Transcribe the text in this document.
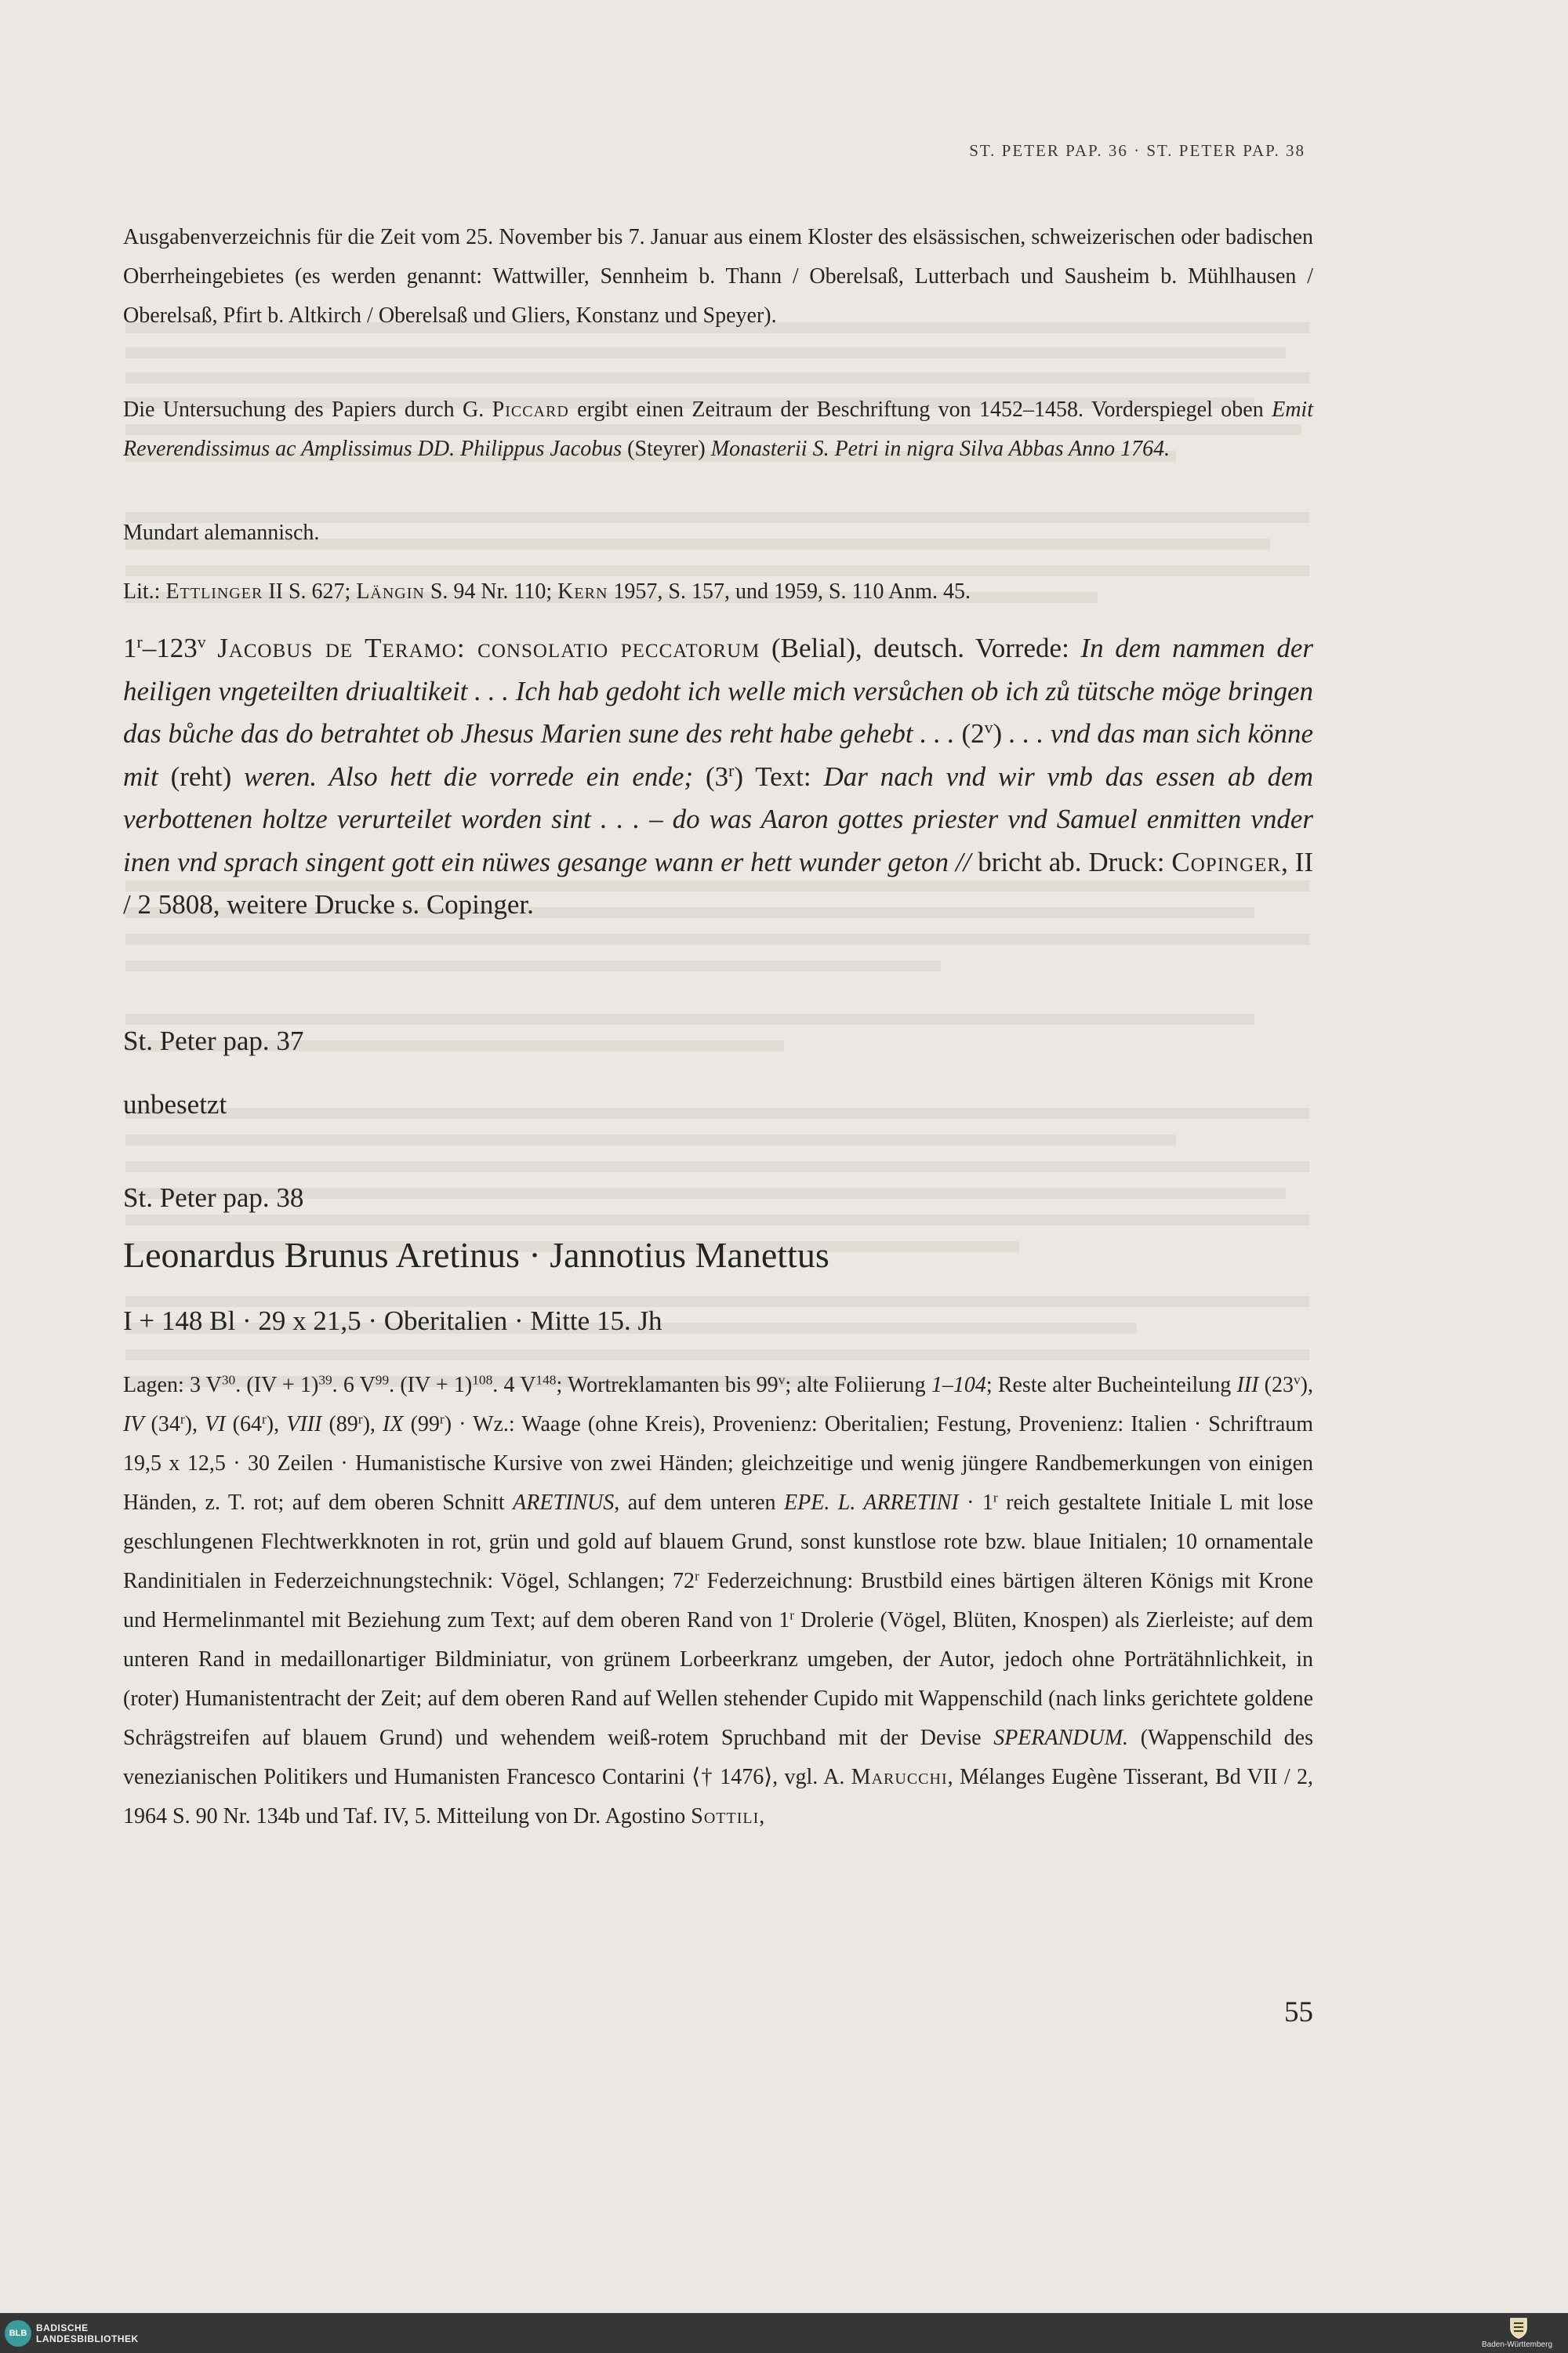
ST. PETER PAP. 36 · ST. PETER PAP. 38

Ausgabenverzeichnis für die Zeit vom 25. November bis 7. Januar aus einem Kloster des elsässischen, schweizerischen oder badischen Oberrheingebietes (es werden genannt: Wattwiller, Sennheim b. Thann / Oberelsaß, Lutterbach und Sausheim b. Mühlhausen / Oberelsaß, Pfirt b. Altkirch / Oberelsaß und Gliers, Konstanz und Speyer).

Die Untersuchung des Papiers durch G. Piccard ergibt einen Zeitraum der Beschriftung von 1452–1458. Vorderspiegel oben Emit Reverendissimus ac Amplissimus DD. Philippus Jacobus (Steyrer) Monasterii S. Petri in nigra Silva Abbas Anno 1764.

Mundart alemannisch.

Lit.: Ettlinger II S. 627; Längin S. 94 Nr. 110; Kern 1957, S. 157, und 1959, S. 110 Anm. 45.

1$^r$–123$^v$ Jacobus de Teramo: consolatio peccatorum (Belial), deutsch. Vorrede: In dem nammen der heiligen vngeteilten driualtikeit . . . Ich hab gedoht ich welle mich versůchen ob ich zů tütsche möge bringen das bůche das do betrahtet ob Jhesus Marien sune des reht habe gehebt . . . (2$^v$) . . . vnd das man sich könne mit (reht) weren. Also hett die vorrede ein ende; (3$^r$) Text: Dar nach vnd wir vmb das essen ab dem verbottenen holtze verurteilet worden sint . . . – do was Aaron gottes priester vnd Samuel enmitten vnder inen vnd sprach singent gott ein nüwes gesange wann er hett wunder geton // bricht ab. Druck: Copinger, II / 2 5808, weitere Drucke s. Copinger.

St. Peter pap. 37
unbesetzt
St. Peter pap. 38
Leonardus Brunus Aretinus · Jannotius Manettus
I + 148 Bl · 29 x 21,5 · Oberitalien · Mitte 15. Jh

Lagen: 3 $V^{30}$. (IV + 1)$^{39}$. 6 $V^{99}$. (IV + 1)$^{108}$. 4 $V^{148}$; Wortreklamanten bis 99$^v$; alte Foliierung 1–104; Reste alter Bucheinteilung III (23$^v$), IV (34$^r$), VI (64$^r$), VIII (89$^r$), IX $(99^r) \cdot Wz$.: Waage (ohne Kreis), Provenienz: Oberitalien; Festung, Provenienz: Italien · Schriftraum 19,5 x 12,5 · 30 Zeilen · Humanistische Kursive von zwei Händen; gleichzeitige und wenig jüngere Randbemerkungen von einigen Händen, z. T. rot; auf dem oberen Schnitt ARETINUS, auf dem unteren EPE. L. ARRETINI · $1^r$ reich gestaltete Initiale L mit lose geschlungenen Flechtwerkknoten in rot, grün und gold auf blauem Grund, sonst kunstlose rote bzw. blaue Initialen; 10 ornamentale Randinitialen in Federzeichnungstechnik: Vögel, Schlangen; 72$^r$ Federzeichnung: Brustbild eines bärtigen älteren Königs mit Krone und Hermelinmantel mit Beziehung zum Text; auf dem oberen Rand von 1$^r$ Drolerie (Vögel, Blüten, Knospen) als Zierleiste; auf dem unteren Rand in medaillonartiger Bildminiatur, von grünem Lorbeerkranz umgeben, der Autor, jedoch ohne Porträtähnlichkeit, in (roter) Humanistentracht der Zeit; auf dem oberen Rand auf Wellen stehender Cupido mit Wappenschild (nach links gerichtete goldene Schrägstreifen auf blauem Grund) und wehendem weiß-rotem Spruchband mit der Devise SPERANDUM. (Wappenschild des venezianischen Politikers und Humanisten Francesco Contarini ⟨† 1476⟩, vgl. A. Marucchi, Mélanges Eugène Tisserant, Bd VII / 2, 1964 S. 90 Nr. 134b und Taf. IV, 5. Mitteilung von Dr. Agostino Sottili,

55
BLB BADISCHE
LANDESBIBLIOTHEK
Baden-Württemberg
